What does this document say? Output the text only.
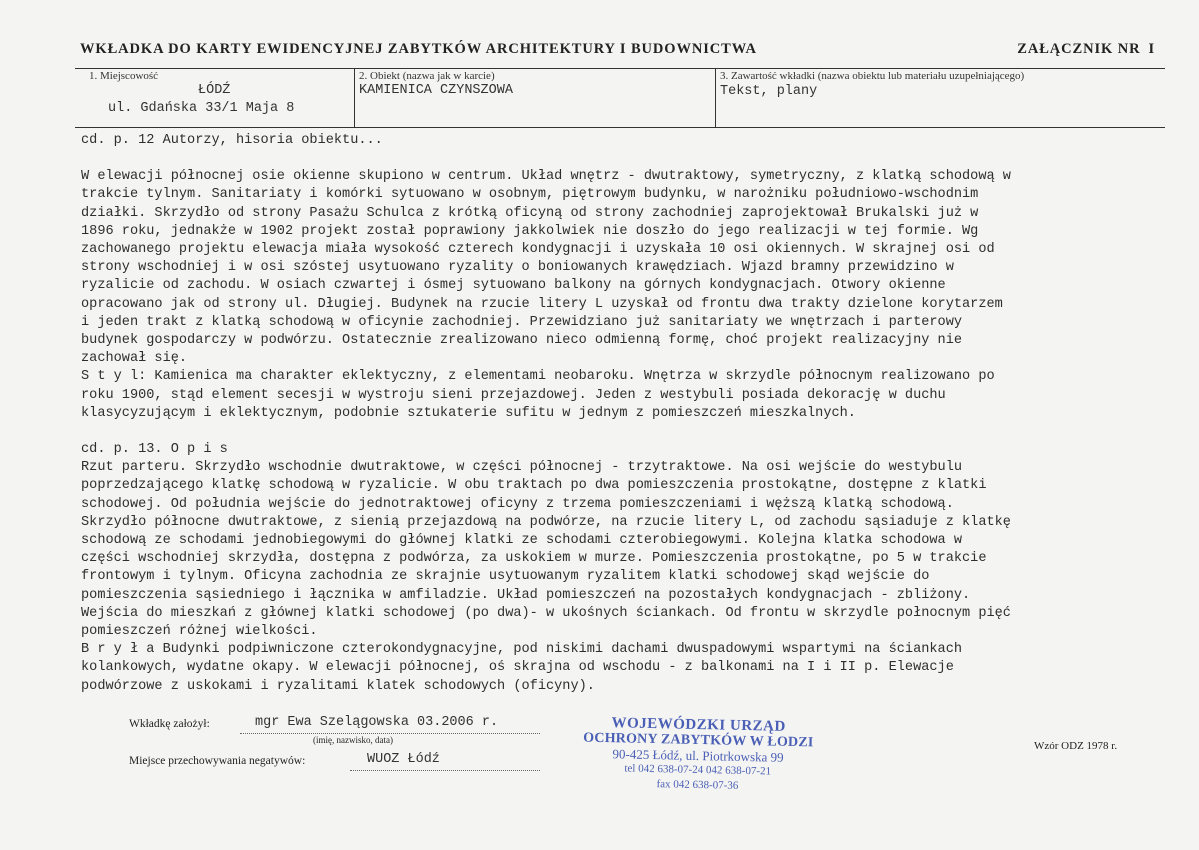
WKŁADKA DO KARTY EWIDENCYJNEJ ZABYTKÓW ARCHITEKTURY I BUDOWNICTWA	ZAŁĄCZNIK NR I
1. Miejscowość
ŁÓDŹ
ul. Gdańska 33/1 Maja 8
2. Obiekt (nazwa jak w karcie)
KAMIENICA CZYNSZOWA
3. Zawartość wkładki (nazwa obiektu lub materiału uzupełniającego)
Tekst, plany

cd. p. 12 Autorzy, hisoria obiektu...

W elewacji północnej osie okienne skupiono w centrum. Układ wnętrz - dwutraktowy, symetryczny, z klatką schodową w

trakcie tylnym. Sanitariaty i komórki sytuowano w osobnym, piętrowym budynku, w narożniku południowo-wschodnim

działki. Skrzydło od strony Pasażu Schulca z krótką oficyną od strony zachodniej zaprojektował Brukalski już w

1896 roku, jednakże w 1902 projekt został poprawiony jakkolwiek nie doszło do jego realizacji w tej formie. Wg

zachowanego projektu elewacja miała wysokość czterech kondygnacji i uzyskała 10 osi okiennych. W skrajnej osi od

strony wschodniej i w osi szóstej usytuowano ryzality o boniowanych krawędziach. Wjazd bramny przewidzino w

ryzalicie od zachodu. W osiach czwartej i ósmej sytuowano balkony na górnych kondygnacjach. Otwory okienne

opracowano jak od strony ul. Długiej. Budynek na rzucie litery L uzyskał od frontu dwa trakty dzielone korytarzem

i jeden trakt z klatką schodową w oficynie zachodniej. Przewidziano już sanitariaty we wnętrzach i parterowy

budynek gospodarczy w podwórzu. Ostatecznie zrealizowano nieco odmienną formę, choć projekt realizacyjny nie

zachował się.

S t y l: Kamienica ma charakter eklektyczny, z elementami neobaroku. Wnętrza w skrzydle północnym realizowano po

roku 1900, stąd element secesji w wystroju sieni przejazdowej. Jeden z westybuli posiada dekorację w duchu

klasycyzującym i eklektycznym, podobnie sztukaterie sufitu w jednym z pomieszczeń mieszkalnych.

cd. p. 13. O p i s

Rzut parteru. Skrzydło wschodnie dwutraktowe, w części północnej - trzytraktowe. Na osi wejście do westybulu

poprzedzającego klatkę schodową w ryzalicie. W obu traktach po dwa pomieszczenia prostokątne, dostępne z klatki

schodowej. Od południa wejście do jednotraktowej oficyny z trzema pomieszczeniami i węższą klatką schodową.

Skrzydło północne dwutraktowe, z sienią przejazdową na podwórze, na rzucie litery L, od zachodu sąsiaduje z klatkę

schodową ze schodami jednobiegowymi do głównej klatki ze schodami czterobiegowymi. Kolejna klatka schodowa w

części wschodniej skrzydła, dostępna z podwórza, za uskokiem w murze. Pomieszczenia prostokątne, po 5 w trakcie

frontowym i tylnym. Oficyna zachodnia ze skrajnie usytuowanym ryzalitem klatki schodowej skąd wejście do

pomieszczenia sąsiedniego i łącznika w amfiladzie. Układ pomieszczeń na pozostałych kondygnacjach - zbliżony.

Wejścia do mieszkań z głównej klatki schodowej (po dwa)- w ukośnych ściankach. Od frontu w skrzydle połnocnym pięć

pomieszczeń różnej wielkości.

B r y ł a Budynki podpiwniczone czterokondygnacyjne, pod niskimi dachami dwuspadowymi wspartymi na ściankach

kolankowych, wydatne okapy. W elewacji północnej, oś skrajna od wschodu - z balkonami na I i II p. Elewacje

podwórzowe z uskokami i ryzalitami klatek schodowych (oficyny).

Wkładkę założył:	mgr Ewa Szelągowska 03.2006 r.
(imię, nazwisko, data)
Miejsce przechowywania negatywów:	WUOZ Łódź
Wzór ODZ 1978 r.
WOJEWÓDZKI URZĄD
OCHRONY ZABYTKÓW W ŁODZI
90-425 Łódź, ul. Piotrkowska 99
tel 042 638-07-24 042 638-07-21
fax 042 638-07-36
